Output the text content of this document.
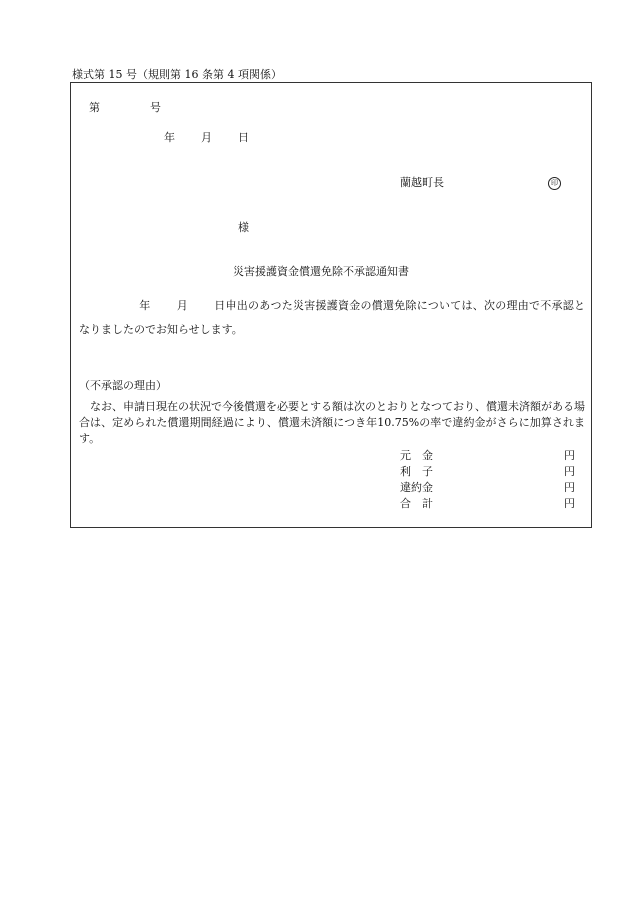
様式第 15 号（規則第 16 条第 4 項関係）
第	号
年 月 日
蘭越町長	印
様
災害援護資金償還免除不承認通知書
年 月 日申出のあつた災害援護資金の償還免除については、次の理由で不承認となりましたのでお知らせします。
（不承認の理由）
なお、申請日現在の状況で今後償還を必要とする額は次のとおりとなつており、償還未済額がある場合は、定められた償還期間経過により、償還未済額につき年10.75%の率で違約金がさらに加算されます。
元　金	円
利　子	円
違約金	円
合　計	円
